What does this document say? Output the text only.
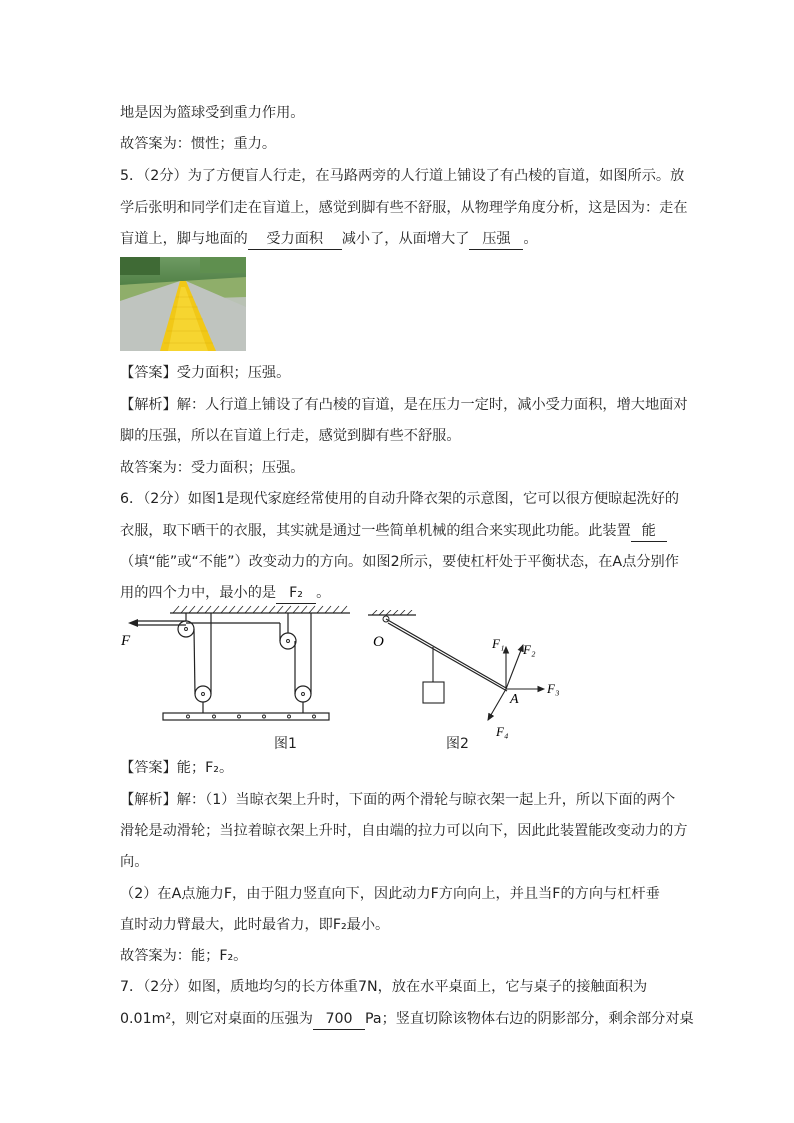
地是因为篮球受到重力作用。
故答案为：惯性；重力。
5．（2分）为了方便盲人行走，在马路两旁的人行道上铺设了有凸棱的盲道，如图所示。放
学后张明和同学们走在盲道上，感觉到脚有些不舒服，从物理学角度分析，这是因为：走在
盲道上，脚与地面的 受力面积 减小了，从面增大了 压强 。
【答案】受力面积；压强。
【解析】解：人行道上铺设了有凸棱的盲道，是在压力一定时，减小受力面积，增大地面对
脚的压强，所以在盲道上行走，感觉到脚有些不舒服。
故答案为：受力面积；压强。
6．（2分）如图1是现代家庭经常使用的自动升降衣架的示意图，它可以很方便晾起洗好的
衣服，取下晒干的衣服，其实就是通过一些简单机械的组合来实现此功能。此装置 能
（填“能”或“不能”）改变动力的方向。如图2所示，要使杠杆处于平衡状态，在A点分别作
用的四个力中，最小的是 F₂ 。
F
图1
O
A
F₁ F₂
F₃
F₄
图2
【答案】能；F₂。
【解析】解：（1）当晾衣架上升时，下面的两个滑轮与晾衣架一起上升，所以下面的两个
滑轮是动滑轮；当拉着晾衣架上升时，自由端的拉力可以向下，因此此装置能改变动力的方
向。
（2）在A点施力F，由于阻力竖直向下，因此动力F方向向上，并且当F的方向与杠杆垂
直时动力臂最大，此时最省力，即F₂最小。
故答案为：能；F₂。
7．（2分）如图，质地均匀的长方体重7N，放在水平桌面上，它与桌子的接触面积为
0.01m²，则它对桌面的压强为 700 Pa；竖直切除该物体右边的阴影部分，剩余部分对桌
